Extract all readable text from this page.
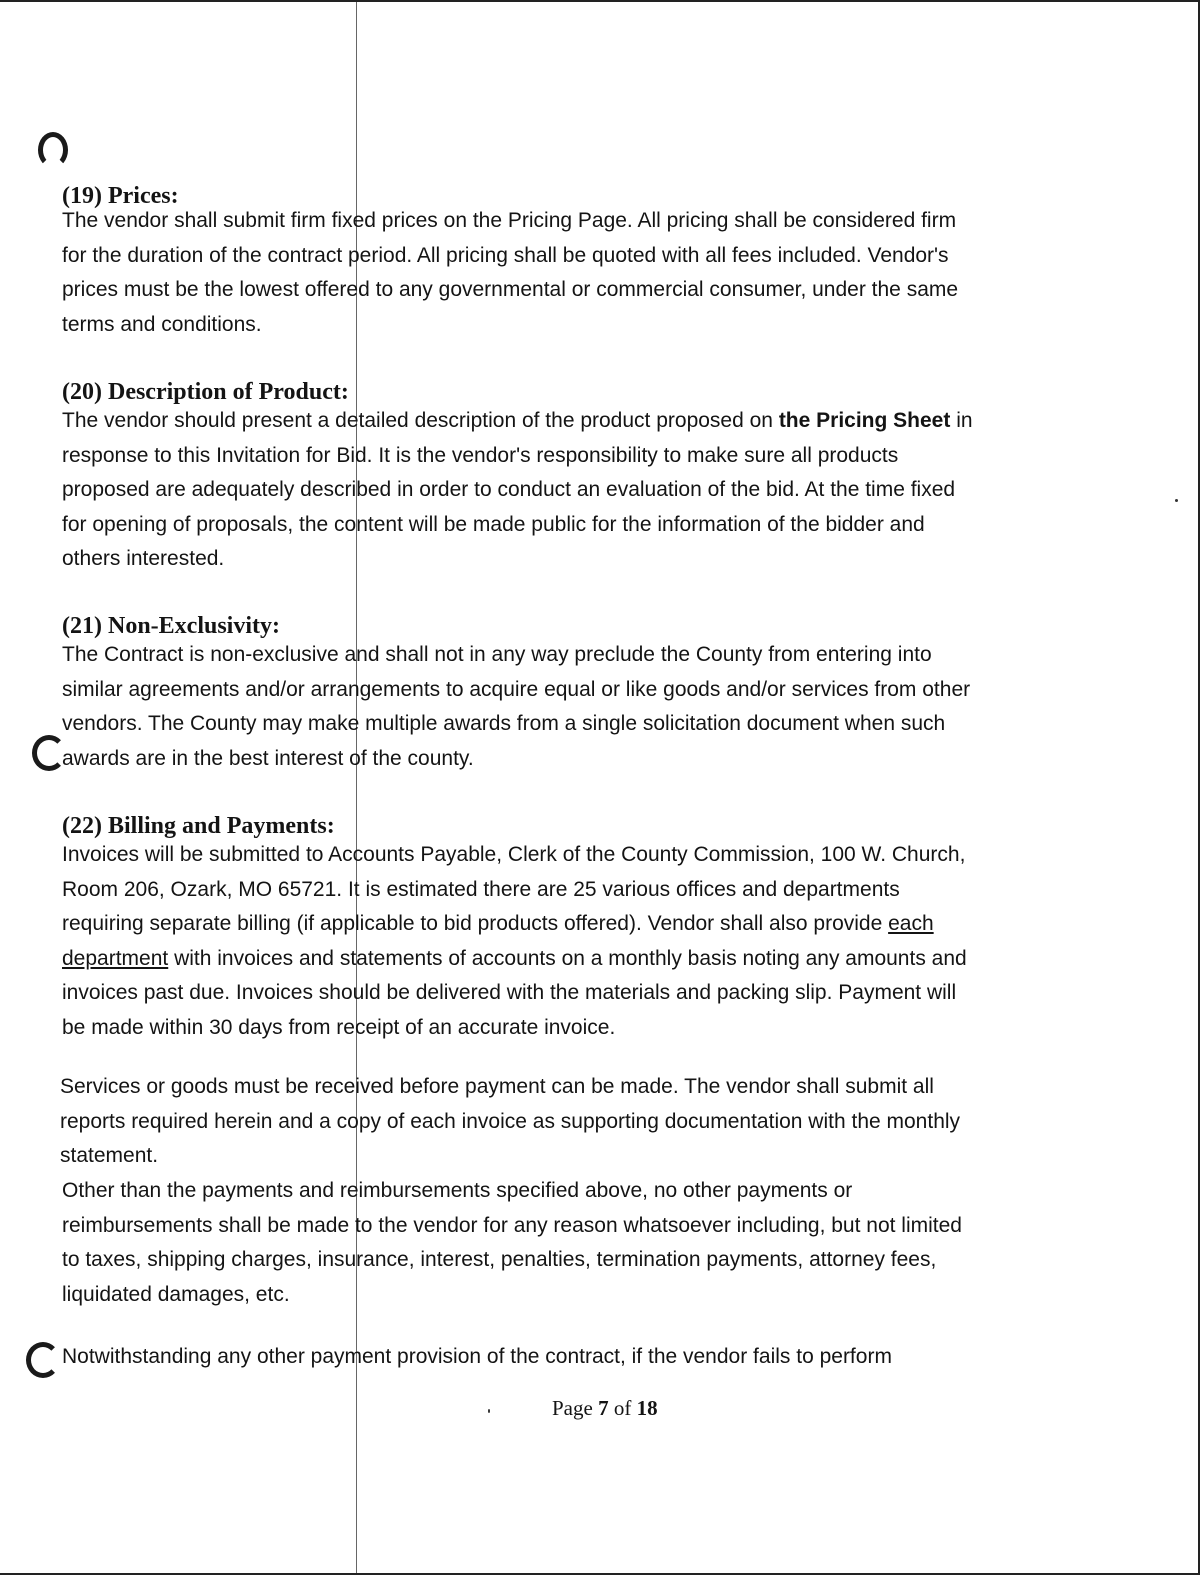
(19) Prices:

The vendor shall submit firm fixed prices on the Pricing Page. All pricing shall be considered firm
for the duration of the contract period. All pricing shall be quoted with all fees included. Vendor's
prices must be the lowest offered to any governmental or commercial consumer, under the same
terms and conditions.

(20) Description of Product:

The vendor should present a detailed description of the product proposed on the Pricing Sheet in
response to this Invitation for Bid. It is the vendor's responsibility to make sure all products
proposed are adequately described in order to conduct an evaluation of the bid. At the time fixed
for opening of proposals, the content will be made public for the information of the bidder and
others interested.

(21) Non-Exclusivity:

The Contract is non-exclusive and shall not in any way preclude the County from entering into
similar agreements and/or arrangements to acquire equal or like goods and/or services from other
vendors. The County may make multiple awards from a single solicitation document when such
awards are in the best interest of the county.

(22) Billing and Payments:

Invoices will be submitted to Accounts Payable, Clerk of the County Commission, 100 W. Church,
Room 206, Ozark, MO 65721. It is estimated there are 25 various offices and departments
requiring separate billing (if applicable to bid products offered). Vendor shall also provide each
department with invoices and statements of accounts on a monthly basis noting any amounts and
invoices past due. Invoices should be delivered with the materials and packing slip. Payment will
be made within 30 days from receipt of an accurate invoice.

Services or goods must be received before payment can be made. The vendor shall submit all
reports required herein and a copy of each invoice as supporting documentation with the monthly
statement.

Other than the payments and reimbursements specified above, no other payments or
reimbursements shall be made to the vendor for any reason whatsoever including, but not limited
to taxes, shipping charges, insurance, interest, penalties, termination payments, attorney fees,
liquidated damages, etc.

Notwithstanding any other payment provision of the contract, if the vendor fails to perform

Page 7 of 18
